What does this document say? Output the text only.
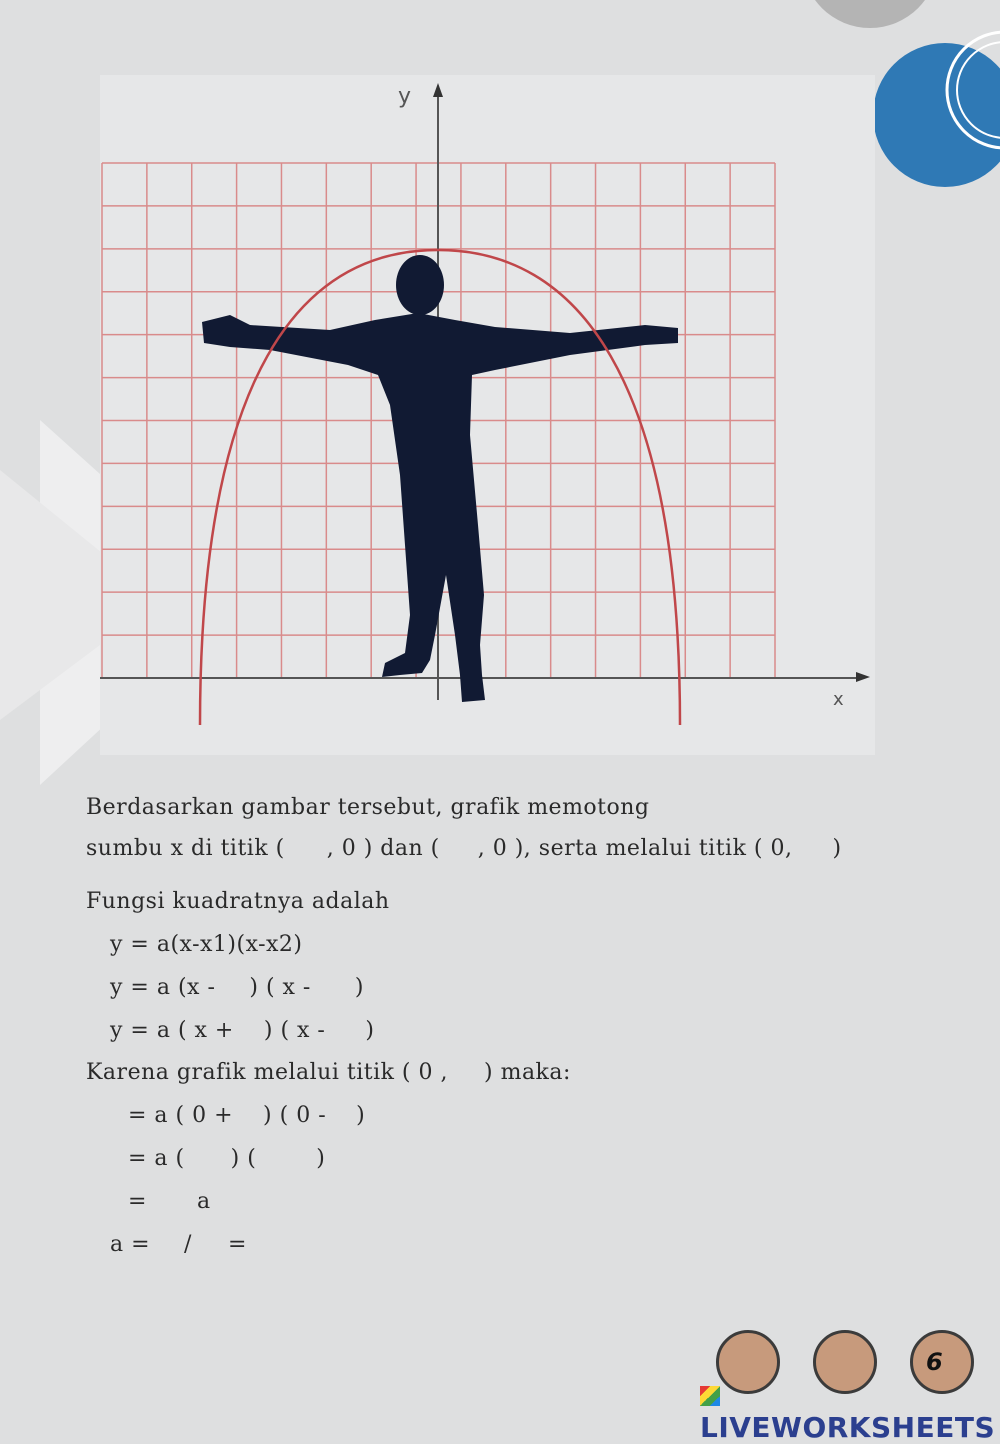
y
x
Berdasarkan gambar tersebut, grafik memotong
sumbu x di titik ( , 0 ) dan ( , 0 ), serta melalui titik ( 0, )
Fungsi kuadratnya adalah
y = a(x-x1)(x-x2)
y = a (x - ) ( x - )
y = a ( x + ) ( x - )
Karena grafik melalui titik ( 0 , ) maka:
= a ( 0 + ) ( 0 - )
= a ( ) (	)
= a
a = / =
6
LIVEWORKSHEETS
